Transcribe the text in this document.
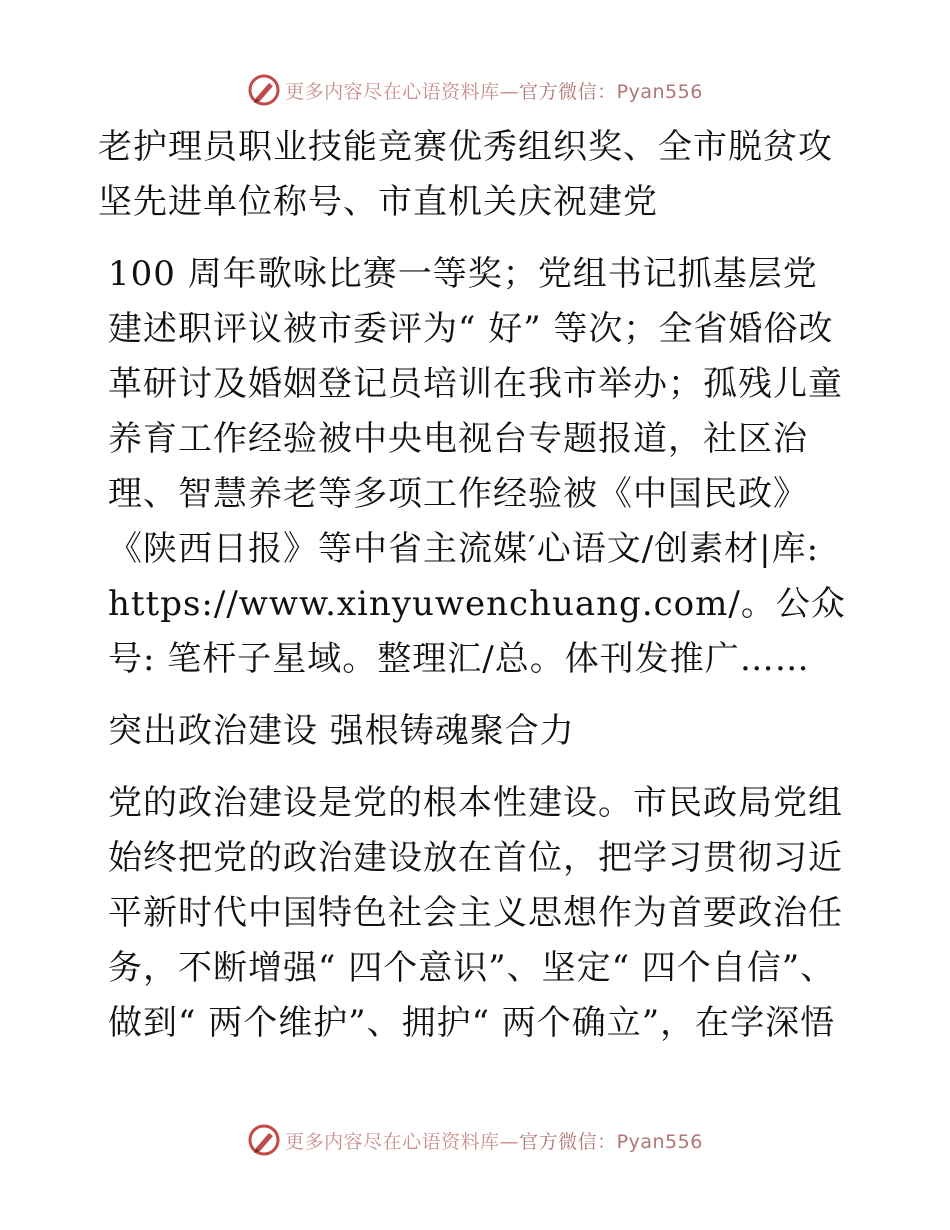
更多内容尽在心语资料库—官方微信：Pyan556

老护理员职业技能竞赛优秀组织奖、全市脱贫攻坚先进单位称号、市直机关庆祝建党

100 周年歌咏比赛一等奖；党组书记抓基层党建述职评议被市委评为“ 好” 等次；全省婚俗改革研讨及婚姻登记员培训在我市举办；孤残儿童养育工作经验被中央电视台专题报道，社区治理、智慧养老等多项工作经验被《中国民政》 《陕西日报》等中省主流媒′心语文/创素材|库: https://www.xinyuwenchuang.com/。公众号: 笔杆子星域。整理汇/总。体刊发推广……

突出政治建设 强根铸魂聚合力

党的政治建设是党的根本性建设。市民政局党组始终把党的政治建设放在首位，把学习贯彻习近平新时代中国特色社会主义思想作为首要政治任务，不断增强“ 四个意识”、坚定“ 四个自信”、做到“ 两个维护”、拥护“ 两个确立”，在学深悟

更多内容尽在心语资料库—官方微信：Pyan556
